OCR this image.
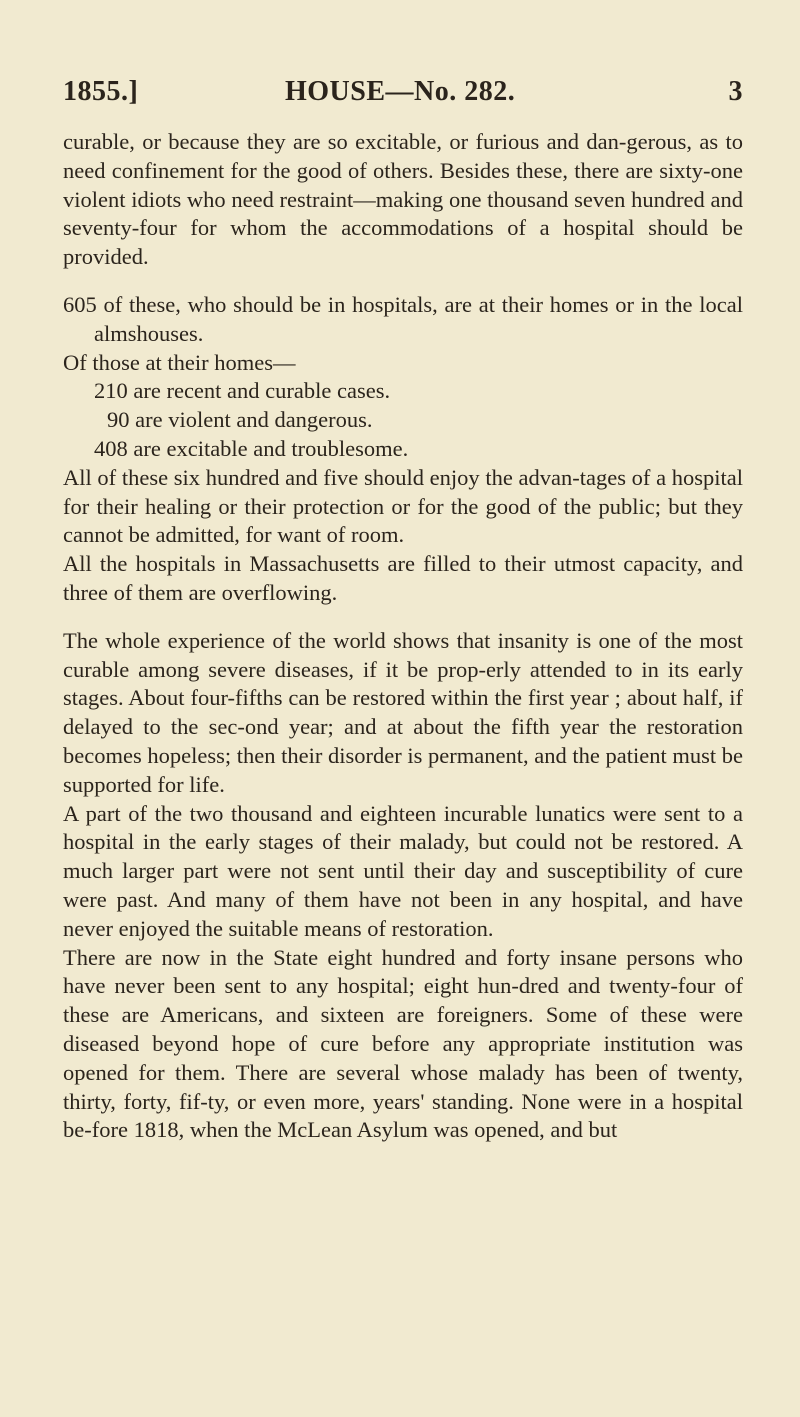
1855.]	HOUSE—No. 282.	3

curable, or because they are so excitable, or furious and dan-gerous, as to need confinement for the good of others. Besides these, there are sixty-one violent idiots who need restraint—making one thousand seven hundred and seventy-four for whom the accommodations of a hospital should be provided.

605 of these, who should be in hospitals, are at their homes or in the local almshouses.

Of those at their homes—

210 are recent and curable cases.

90 are violent and dangerous.

408 are excitable and troublesome.

All of these six hundred and five should enjoy the advan-tages of a hospital for their healing or their protection or for the good of the public; but they cannot be admitted, for want of room.

All the hospitals in Massachusetts are filled to their utmost capacity, and three of them are overflowing.

The whole experience of the world shows that insanity is one of the most curable among severe diseases, if it be prop-erly attended to in its early stages. About four-fifths can be restored within the first year ; about half, if delayed to the sec-ond year; and at about the fifth year the restoration becomes hopeless; then their disorder is permanent, and the patient must be supported for life.

A part of the two thousand and eighteen incurable lunatics were sent to a hospital in the early stages of their malady, but could not be restored. A much larger part were not sent until their day and susceptibility of cure were past. And many of them have not been in any hospital, and have never enjoyed the suitable means of restoration.

There are now in the State eight hundred and forty insane persons who have never been sent to any hospital; eight hun-dred and twenty-four of these are Americans, and sixteen are foreigners. Some of these were diseased beyond hope of cure before any appropriate institution was opened for them. There are several whose malady has been of twenty, thirty, forty, fif-ty, or even more, years' standing. None were in a hospital be-fore 1818, when the McLean Asylum was opened, and but
